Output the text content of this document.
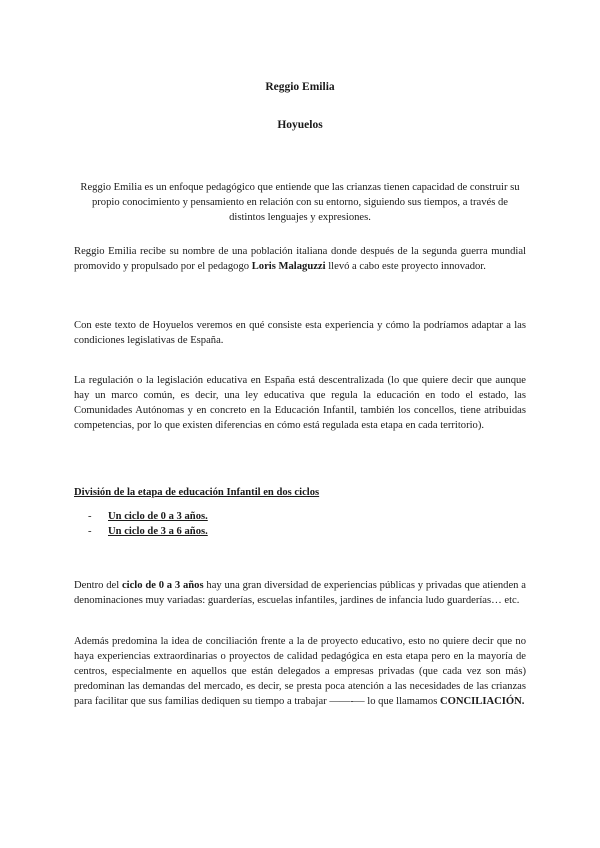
Reggio Emilia
Hoyuelos
Reggio Emilia es un enfoque pedagógico que entiende que las crianzas tienen capacidad de construir su propio conocimiento y pensamiento en relación con su entorno, siguiendo sus tiempos, a través de distintos lenguajes y expresiones.
Reggio Emilia recibe su nombre de una población italiana donde después de la segunda guerra mundial promovido y propulsado por el pedagogo Loris Malaguzzi llevó a cabo este proyecto innovador.
Con este texto de Hoyuelos veremos en qué consiste esta experiencia y cómo la podríamos adaptar a las condiciones legislativas de España.
La regulación o la legislación educativa en España está descentralizada (lo que quiere decir que aunque hay un marco común, es decir, una ley educativa que regula la educación en todo el estado, las Comunidades Autónomas y en concreto en la Educación Infantil, también los concellos, tiene atribuidas competencias, por lo que existen diferencias en cómo está regulada esta etapa en cada territorio).
División de la etapa de educación Infantil en dos ciclos
- Un ciclo de 0 a 3 años.
- Un ciclo de 3 a 6 años.
Dentro del ciclo de 0 a 3 años hay una gran diversidad de experiencias públicas y privadas que atienden a denominaciones muy variadas: guarderías, escuelas infantiles, jardines de infancia ludo guarderías… etc.
Además predomina la idea de conciliación frente a la de proyecto educativo, esto no quiere decir que no haya experiencias extraordinarias o proyectos de calidad pedagógica en esta etapa pero en la mayoría de centros, especialmente en aquellos que están delegados a empresas privadas (que cada vez son más) predominan las demandas del mercado, es decir, se presta poca atención a las necesidades de las crianzas para facilitar que sus familias dediquen su tiempo a trabajar ——-— lo que llamamos CONCILIACIÓN.
